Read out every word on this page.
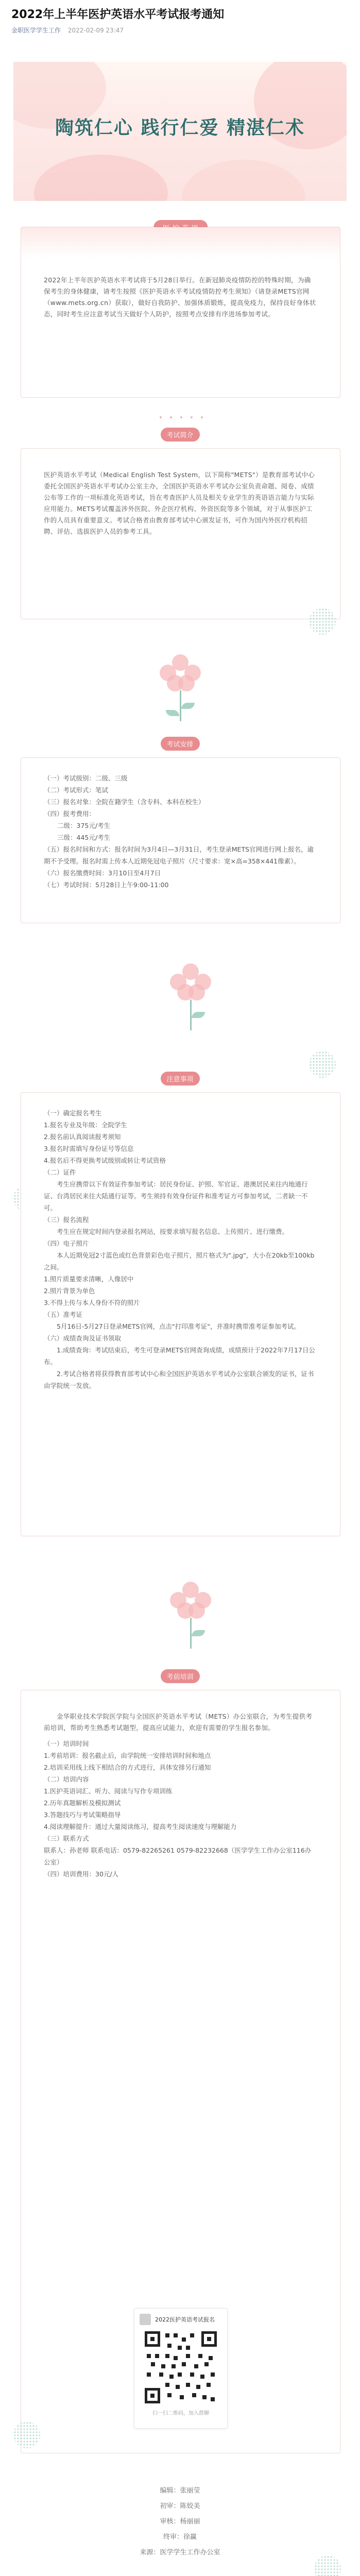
2022年上半年医护英语水平考试报考通知
金职医学学生工作 2022-02-09 23:47
陶筑仁心 践行仁爱 精湛仁术

2022年上半年医护英语水平考试将于5月28日举行。在新冠肺炎疫情防控的特殊时期，为确保考生的身体健康，请考生按照《医护英语水平考试疫情防控考生须知》（请登录METS官网（www.mets.org.cn）获取），做好自我防护、加强体质锻炼，提高免疫力，保持良好身体状态，同时考生应注意考试当天做好个人防护，按照考点安排有序进场参加考试。

考试简介

医护英语水平考试（Medical English Test System，以下简称"METS"）是教育部考试中心委托全国医护英语水平考试办公室主办，全国医护英语水平考试办公室负责命题、阅卷、成绩公布等工作的一项标准化英语考试，旨在考查医护人员及相关专业学生的英语语言能力与实际应用能力。METS考试覆盖涉外医院、外企医疗机构、外资医院等多个领域，对于从事医护工作的人员具有重要意义。考试合格者由教育部考试中心颁发证书，可作为国内外医疗机构招聘、评估、选拔医护人员的参考工具。

考试安排

（一）考试级别：二级、三级

（二）考试形式：笔试

（三）报名对象：全院在籍学生（含专科、本科在校生）

（四）报考费用：

二级：375元/考生

三级：445元/考生

（五）报名时间和方式：报名时间为3月4日—3月31日，考生登录METS官网进行网上报名，逾期不予受理。报名时需上传本人近期免冠电子照片（尺寸要求：宽×高=358×441像素）。

（六）报名缴费时间：3月10日至4月7日

（七）考试时间：5月28日上午9:00-11:00

注意事项

（一）确定报名考生

1.报名专业及年级：全院学生

2.报名前认真阅读报考须知

3.报名时需填写身份证号等信息

4.报名后不得更换考试级别或转让考试资格

（二）证件

考生应携带以下有效证件参加考试：居民身份证、护照、军官证、港澳居民来往内地通行证、台湾居民来往大陆通行证等。考生须持有效身份证件和准考证方可参加考试，二者缺一不可。

（三）报名流程

考生应在规定时间内登录报名网站，按要求填写报名信息、上传照片、进行缴费。

（四）电子照片

本人近期免冠2寸蓝色或红色背景彩色电子照片，照片格式为".jpg"，大小在20kb至100kb之间。

1.照片质量要求清晰，人像居中

2.照片背景为单色

3.不得上传与本人身份不符的照片

（五）准考证

5月16日-5月27日登录METS官网，点击"打印准考证"，并准时携带准考证参加考试。

（六）成绩查询及证书领取

1.成绩查询：考试结束后，考生可登录METS官网查询成绩，成绩预计于2022年7月17日公布。

2.考试合格者将获得教育部考试中心和全国医护英语水平考试办公室联合颁发的证书，证书由学院统一发放。

考前培训

金华职业技术学院医学院与全国医护英语水平考试（METS）办公室联合，为考生提供考前培训，帮助考生熟悉考试题型，提高应试能力，欢迎有需要的学生报名参加。

（一）培训时间

1.考前培训：报名截止后，由学院统一安排培训时间和地点

2.培训采用线上线下相结合的方式进行，具体安排另行通知

（二）培训内容

1.医护英语词汇、听力、阅读与写作专项训练

2.历年真题解析及模拟测试

3.答题技巧与考试策略指导

4.阅读理解提升：通过大量阅读练习，提高考生阅读速度与理解能力

（三）联系方式

联系人：孙老师 联系电话：0579-82265261 0579-82232668（医学学生工作办公室116办公室）

（四）培训费用：30元/人

2022医护英语考试报名
扫一扫二维码，加入群聊
编辑：张丽莹
初审：陈姣美
审核：杨丽丽
终审：徐赢
来源：医学学生工作办公室
